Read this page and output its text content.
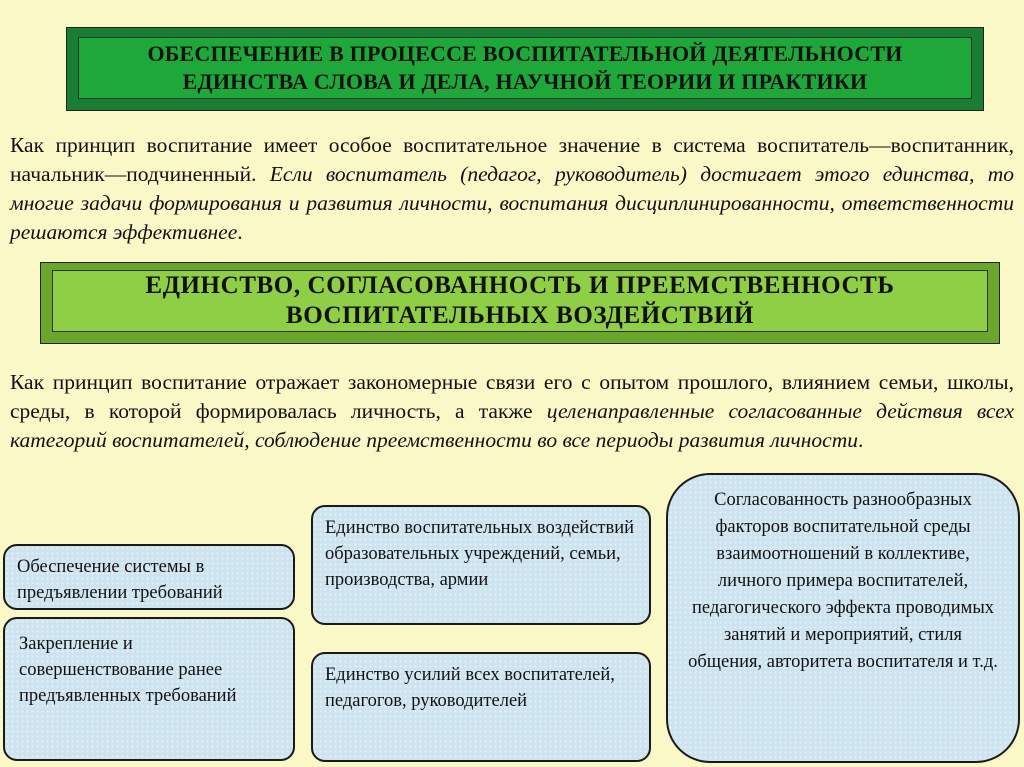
ОБЕСПЕЧЕНИЕ В ПРОЦЕССЕ ВОСПИТАТЕЛЬНОЙ ДЕЯТЕЛЬНОСТИ
ЕДИНСТВА СЛОВА И ДЕЛА, НАУЧНОЙ ТЕОРИИ И ПРАКТИКИ
Как принцип воспитание имеет особое воспитательное значение в система воспитатель—воспитанник, начальник—подчиненный. Если воспитатель (педагог, руководитель) достигает этого единства, то многие задачи формирования и развития личности, воспитания дисциплинированности, ответственности решаются эффективнее.
ЕДИНСТВО, СОГЛАСОВАННОСТЬ И ПРЕЕМСТВЕННОСТЬ
ВОСПИТАТЕЛЬНЫХ ВОЗДЕЙСТВИЙ
Как принцип воспитание отражает закономерные связи его с опытом прошлого, влиянием семьи, школы, среды, в которой формировалась личность, а также целенаправленные согласованные действия всех категорий воспитателей, соблюдение преемственности во все периоды развития личности.
Обеспечение системы в предъявлении требований
Закрепление и совершенствование ранее предъявленных требований
Единство воспитательных воздействий образовательных учреждений, семьи, производства, армии
Единство усилий всех воспитателей, педагогов, руководителей
Согласованность разнообразных факторов воспитательной среды взаимоотношений в коллективе, личного примера воспитателей, педагогического эффекта проводимых занятий и мероприятий, стиля общения, авторитета воспитателя и т.д.
